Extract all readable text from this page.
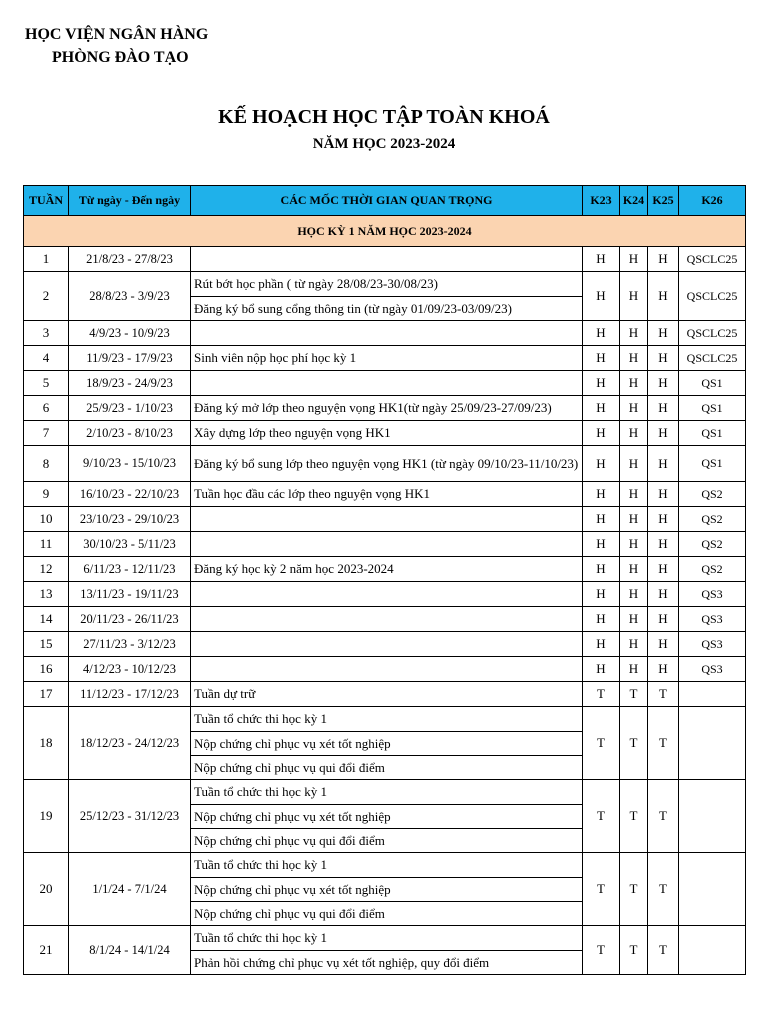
HỌC VIỆN NGÂN HÀNG
PHÒNG ĐÀO TẠO
KẾ HOẠCH HỌC TẬP TOÀN KHOÁ
NĂM HỌC 2023-2024
TUẦN	Từ ngày - Đến ngày	CÁC MỐC THỜI GIAN QUAN TRỌNG	K23	K24	K25	K26
HỌC KỲ 1 NĂM HỌC 2023-2024						
1	21/8/23 - 27/8/23		H	H	H	QSCLC25
2	28/8/23 - 3/9/23	Rút bớt học phần ( từ ngày 28/08/23-30/08/23)
Đăng ký bổ sung cổng thông tin (từ ngày 01/09/23-03/09/23)	H	H	H	QSCLC25
3	4/9/23 - 10/9/23		H	H	H	QSCLC25
4	11/9/23 - 17/9/23	Sinh viên nộp học phí học kỳ 1	H	H	H	QSCLC25
5	18/9/23 - 24/9/23		H	H	H	QS1
6	25/9/23 - 1/10/23	Đăng ký mở lớp theo nguyện vọng HK1(từ ngày 25/09/23-27/09/23)	H	H	H	QS1
7	2/10/23 - 8/10/23	Xây dựng lớp theo nguyện vọng HK1	H	H	H	QS1
8	9/10/23 - 15/10/23	Đăng ký bổ sung lớp theo nguyện vọng HK1 (từ ngày 09/10/23-11/10/23)	H	H	H	QS1
9	16/10/23 - 22/10/23	Tuần học đầu các lớp theo nguyện vọng HK1	H	H	H	QS2
10	23/10/23 - 29/10/23		H	H	H	QS2
11	30/10/23 - 5/11/23		H	H	H	QS2
12	6/11/23 - 12/11/23	Đăng ký học kỳ 2 năm học 2023-2024	H	H	H	QS2
13	13/11/23 - 19/11/23		H	H	H	QS3
14	20/11/23 - 26/11/23		H	H	H	QS3
15	27/11/23 - 3/12/23		H	H	H	QS3
16	4/12/23 - 10/12/23		H	H	H	QS3
17	11/12/23 - 17/12/23	Tuần dự trữ	T	T	T	
18	18/12/23 - 24/12/23	Tuần tổ chức thi học kỳ 1
Nộp chứng chỉ phục vụ xét tốt nghiệp
Nộp chứng chỉ phục vụ qui đổi điểm	T	T	T	
19	25/12/23 - 31/12/23	Tuần tổ chức thi học kỳ 1
Nộp chứng chỉ phục vụ xét tốt nghiệp
Nộp chứng chỉ phục vụ qui đổi điểm	T	T	T	
20	1/1/24 - 7/1/24	Tuần tổ chức thi học kỳ 1
Nộp chứng chỉ phục vụ xét tốt nghiệp
Nộp chứng chỉ phục vụ qui đổi điểm	T	T	T	
21	8/1/24 - 14/1/24	Tuần tổ chức thi học kỳ 1
Phản hồi chứng chỉ phục vụ xét tốt nghiệp, quy đổi điểm	T	T	T	
